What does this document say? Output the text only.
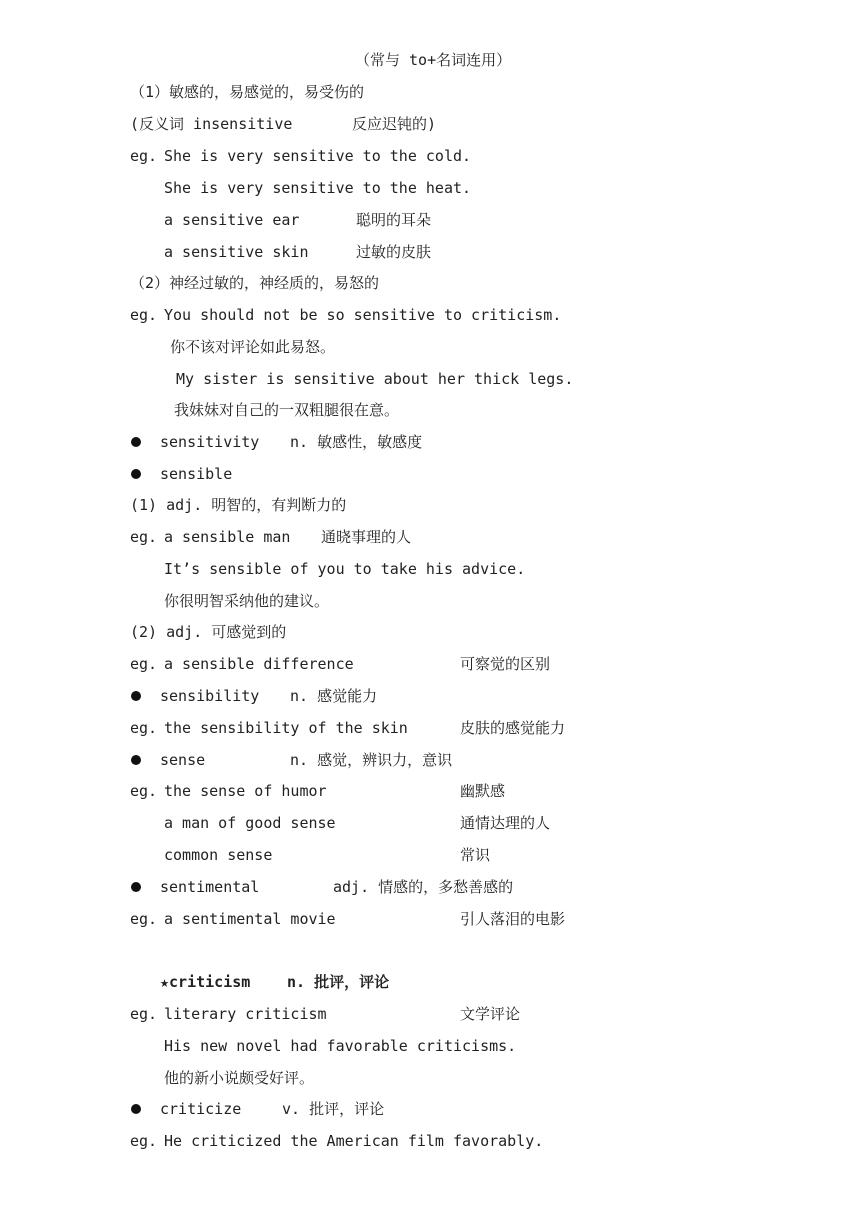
（常与 to+名词连用）
（1）敏感的，易感觉的，易受伤的
(反义词 insensitive	反应迟钝的)
eg. She is very sensitive to the cold.
She is very sensitive to the heat.
a sensitive ear	聪明的耳朵
a sensitive skin	过敏的皮肤
（2）神经过敏的，神经质的，易怒的
eg. You should not be so sensitive to criticism.
你不该对评论如此易怒。
My sister is sensitive about her thick legs.
我妹妹对自己的一双粗腿很在意。
sensitivity n. 敏感性，敏感度
sensible
(1) adj. 明智的，有判断力的
eg. a sensible man 通晓事理的人
It’s sensible of you to take his advice.
你很明智采纳他的建议。
(2) adj. 可感觉到的
eg. a sensible difference	可察觉的区别
sensibility n. 感觉能力
eg. the sensibility of the skin	皮肤的感觉能力
sense	n. 感觉，辨识力，意识
eg. the sense of humor	幽默感
a man of good sense	通情达理的人
common sense	常识
sentimental	adj. 情感的，多愁善感的
eg. a sentimental movie	引人落泪的电影
★criticism n. 批评，评论
eg. literary criticism	文学评论
His new novel had favorable criticisms.
他的新小说颇受好评。
criticize	v. 批评，评论
eg. He criticized the American film favorably.
